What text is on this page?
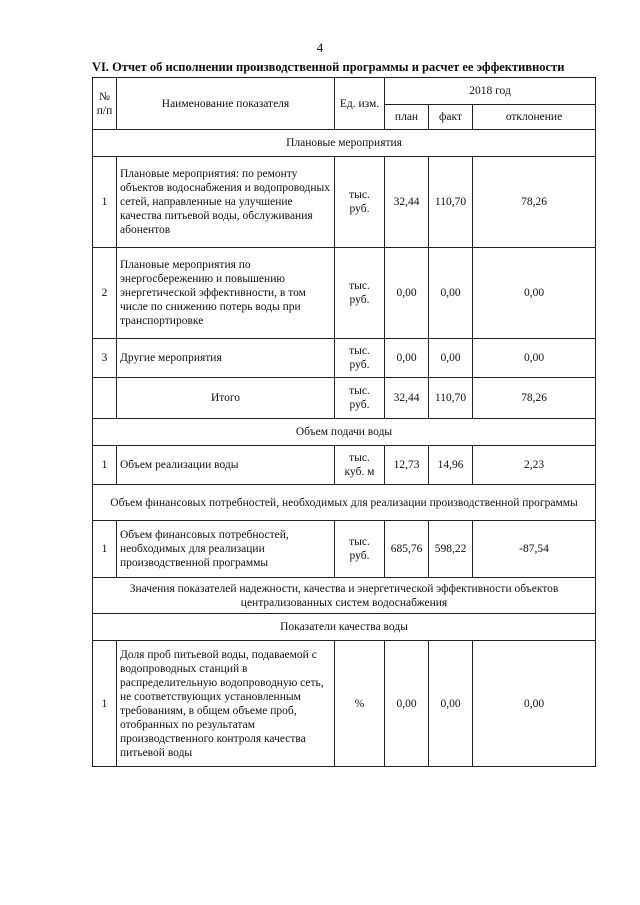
4
VI. Отчет об исполнении производственной программы и расчет ее эффективности
№ п/п	Наименование показателя	Ед. изм.	2018 год		
			план	факт	отклонение
Плановые мероприятия					
1	Плановые мероприятия: по ремонту объектов водоснабжения и водопроводных сетей, направленные на улучшение качества питьевой воды, обслуживания абонентов	тыс. руб.	32,44	110,70	78,26
2	Плановые мероприятия по энергосбережению и повышению энергетической эффективности, в том числе по снижению потерь воды при транспортировке	тыс. руб.	0,00	0,00	0,00
3	Другие мероприятия	тыс. руб.	0,00	0,00	0,00
	Итого	тыс. руб.	32,44	110,70	78,26
Объем подачи воды					
1	Объем реализации воды	тыс. куб. м	12,73	14,96	2,23
Объем финансовых потребностей, необходимых для реализации производственной программы					
1	Объем финансовых потребностей, необходимых для реализации производственной программы	тыс. руб.	685,76	598,22	-87,54
Значения показателей надежности, качества и энергетической эффективности объектов централизованных систем водоснабжения					
Показатели качества воды					
1	Доля проб питьевой воды, подаваемой с водопроводных станций в распределительную водопроводную сеть, не соответствующих установленным требованиям, в общем объеме проб, отобранных по результатам производственного контроля качества питьевой воды	%	0,00	0,00	0,00
